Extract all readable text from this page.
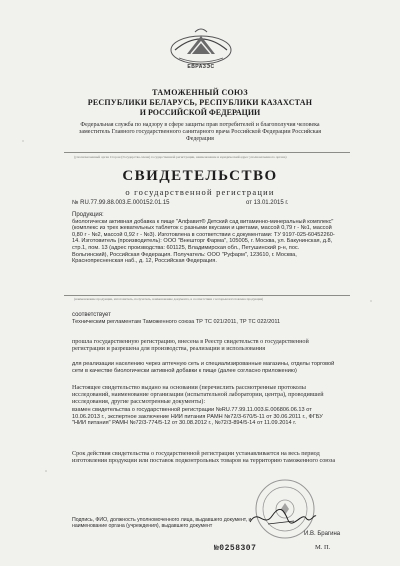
ЕВРАЗЭС
ТАМОЖЕННЫЙ СОЮЗ
РЕСПУБЛИКИ БЕЛАРУСЬ, РЕСПУБЛИКИ КАЗАХСТАН
И РОССИЙСКОЙ ФЕДЕРАЦИИ
Федеральная служба по надзору в сфере защиты прав потребителей и благополучия человека заместитель Главного государственного санитарного врача Российской Федерации Российская Федерация
(уполномоченный орган Сторон (Государства-члена) государственной регистрации, наименование и юридический адрес уполномоченного органа)
СВИДЕТЕЛЬСТВО
о государственной регистрации
№ RU.77.99.88.003.Е.000152.01.15	от 13.01.2015 г.
Продукция:
биологически активная добавка к пище "Алфавит® Детский сад витаминно-минеральный комплекс" (комплекс из трех жевательных таблеток с разными вкусами и цветами, массой 0,79 г - №1, массой 0,80 г - №2, массой 0,92 г - №3). Изготовлена в соответствии с документами: ТУ 9197-025-60452260-14. Изготовитель (производитель): ООО "Внешторг Фарма", 105005, г. Москва, ул. Бакунинская, д.8, стр.1, пом. 13 (адрес производства: 601125, Владимирская обл., Петушинский р-н, пос. Вольгинский), Российская Федерация. Получатель: ООО "Руфарм", 123610, г. Москва, Краснопресненская наб., д. 12, Российская Федерация.
(наименование продукции, изготовитель, получатель, наименование документа, в соответствии с которым изготовлена продукция)
соответствует
Техническим регламентам Таможенного союза ТР ТС 021/2011, ТР ТС 022/2011
прошла государственную регистрацию, внесена в Реестр свидетельств о государственной регистрации и разрешена для производства, реализации и использования
для реализации населению через аптечную сеть и специализированные магазины, отделы торговой сети в качестве биологически активной добавки к пище (далее согласно приложению)
Настоящее свидетельство выдано на основании (перечислить рассмотренные протоколы исследований, наименование организации (испытательной лаборатории, центра), проводившей исследования, другие рассмотренные документы):
взамен свидетельства о государственной регистрации №RU.77.99.11.003.Е.006806.06.13 от 10.06.2013 г., экспертное заключение НИИ питания РАМН №72/3-670/5-11 от 30.06.2011 г., ФГБУ "НИИ питания" РАМН №72/3-774/5-12 от 30.08.2012 г., №72/3-894/5-14 от 11.09.2014 г.
Срок действия свидетельства о государственной регистрации устанавливается на весь период изготовления продукции или поставок подконтрольных товаров на территорию таможенного союза
Подпись, ФИО, должность уполномоченного лица, выдавшего документ, и наименование органа (учреждения), выдавшего документ
И.В. Брагина
№0258307	М. П.
